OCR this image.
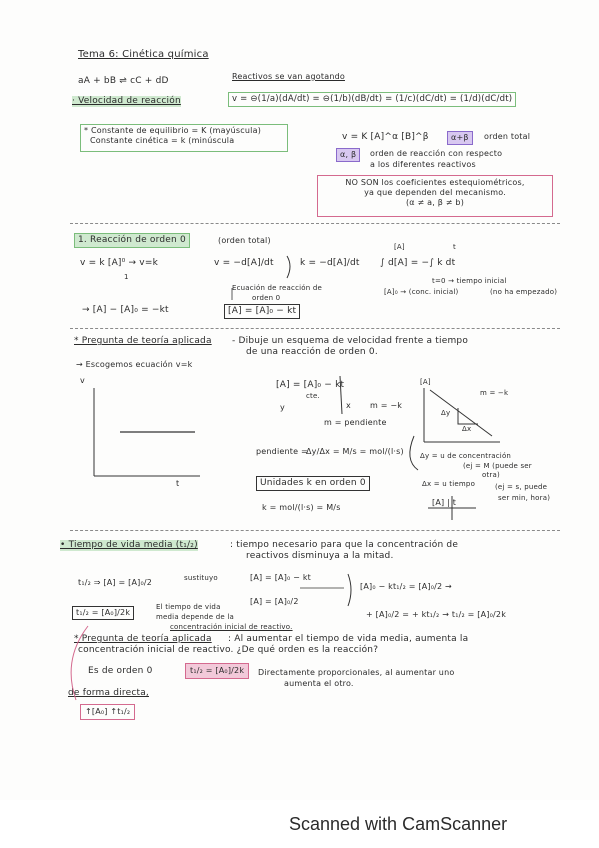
Tema 6: Cinética química
aA + bB ⇌ cC + dD	Reactivos se van agotando
· Velocidad de reacción	v = ⊖(1/a)(dA/dt) = ⊖(1/b)(dB/dt) = (1/c)(dC/dt) = (1/d)(dC/dt)
* Constante de equilibrio = K (mayúscula)
Constante cinética = k (minúscula	v = K [A]^α [B]^β	α+β	orden total
α, β	orden de reacción con respecto
a los diferentes reactivos
NO SON los coeficientes estequiométricos,
ya que dependen del mecanismo.
(α ≠ a, β ≠ b)
1. Reacción de orden 0	(orden total)
v = k [A]⁰ → v=k
1
v = −d[A]/dt	k = −d[A]/dt
[A]	t
∫ d[A] = −∫ k dt
t=0 → tiempo inicial
[A]₀ → (conc. inicial)	(no ha empezado)
→ [A] − [A]₀ = −kt
Ecuación de reacción de
orden 0
[A] = [A]₀ − kt
* Pregunta de teoría aplicada - Dibuje un esquema de velocidad frente a tiempo
de una reacción de orden 0.
→ Escogemos ecuación v=k
v
t
[A] = [A]₀ − kt
y
cte.
x m = −k
m = pendiente
[A]
m = −k
Δy
Δx
pendiente =
Δy/Δx = M/s = mol/(l·s)
Unidades k en orden 0
k = mol/(l·s) = M/s
Δy = u de concentración
(ej = M (puede ser
otra)
Δx = u tiempo	(ej = s, puede
ser min, hora)
[A] | t
• Tiempo de vida media (t₁/₂)	: tiempo necesario para que la concentración de
reactivos disminuya a la mitad.
t₁/₂ ⇒ [A] = [A]₀/2	sustituyo	[A] = [A]₀ − kt
[A] = [A]₀/2
[A]₀ − kt₁/₂ = [A]₀/2 →
+ [A]₀/2 = + kt₁/₂ → t₁/₂ = [A]₀/2k
t₁/₂ = [A₀]/2k
El tiempo de vida
media depende de la
concentración inicial de reactivo.
* Pregunta de teoría aplicada : Al aumentar el tiempo de vida media, aumenta la
concentración inicial de reactivo. ¿De qué orden es la reacción?
Es de orden 0	t₁/₂ = [A₀]/2k	Directamente proporcionales, al aumentar uno
aumenta el otro.
de forma directa,
↑[A₀] ↑t₁/₂
Scanned with CamScanner
